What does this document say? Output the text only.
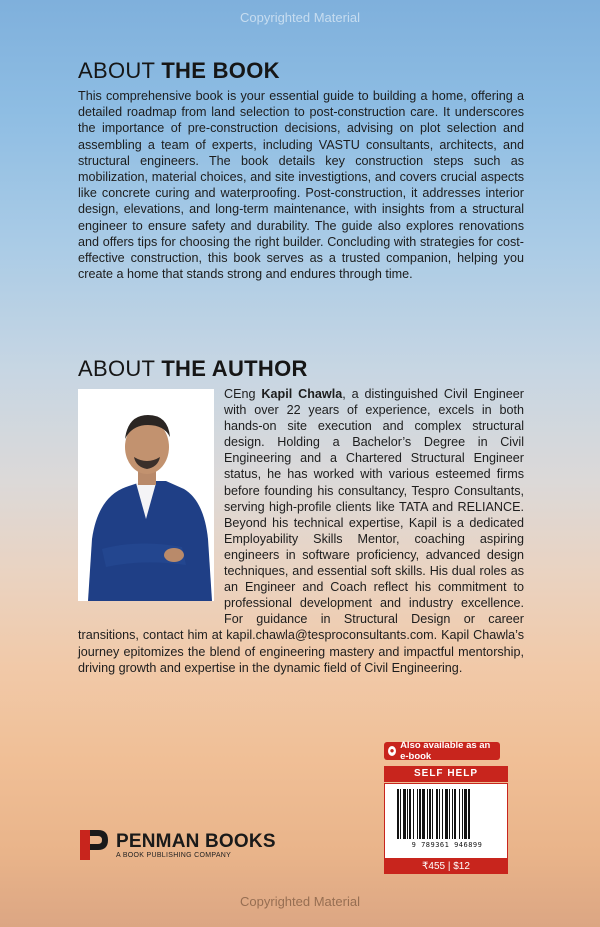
Copyrighted Material
ABOUT THE BOOK

This comprehensive book is your essential guide to building a home, offering a detailed roadmap from land selection to post-construction care. It underscores the importance of pre-construction decisions, advising on plot selection and assembling a team of experts, including VASTU consultants, architects, and structural engineers. The book details key construction steps such as mobilization, material choices, and site investigtions, and covers crucial aspects like concrete curing and waterproofing. Post-construction, it addresses interior design, elevations, and long-term maintenance, with insights from a structural engineer to ensure safety and durability. The guide also explores renovations and offers tips for choosing the right builder. Concluding with strategies for cost-effective construction, this book serves as a trusted companion, helping you create a home that stands strong and endures through time.

ABOUT THE AUTHOR

CEng Kapil Chawla, a distinguished Civil Engineer with over 22 years of experience, excels in both hands-on site execution and complex structural design. Holding a Bachelor’s Degree in Civil Engineering and a Chartered Structural Engineer status, he has worked with various esteemed firms before founding his consultancy, Tespro Consultants, serving high-profile clients like TATA and RELIANCE. Beyond his technical expertise, Kapil is a dedicated Employability Skills Mentor, coaching aspiring engineers in software proficiency, advanced design techniques, and essential soft skills. His dual roles as an Engineer and Coach reflect his commitment to professional development and industry excellence. For guidance in Structural Design or career transitions, contact him at kapil.chawla@tesproconsultants.com. Kapil Chawla’s journey epitomizes the blend of engineering mastery and impactful mentorship, driving growth and expertise in the dynamic field of Civil Engineering.

● Also available as an e-book
SELF HELP
9 789361 946899
₹455 | $12
PENMAN BOOKS
A BOOK PUBLISHING COMPANY
Copyrighted Material
